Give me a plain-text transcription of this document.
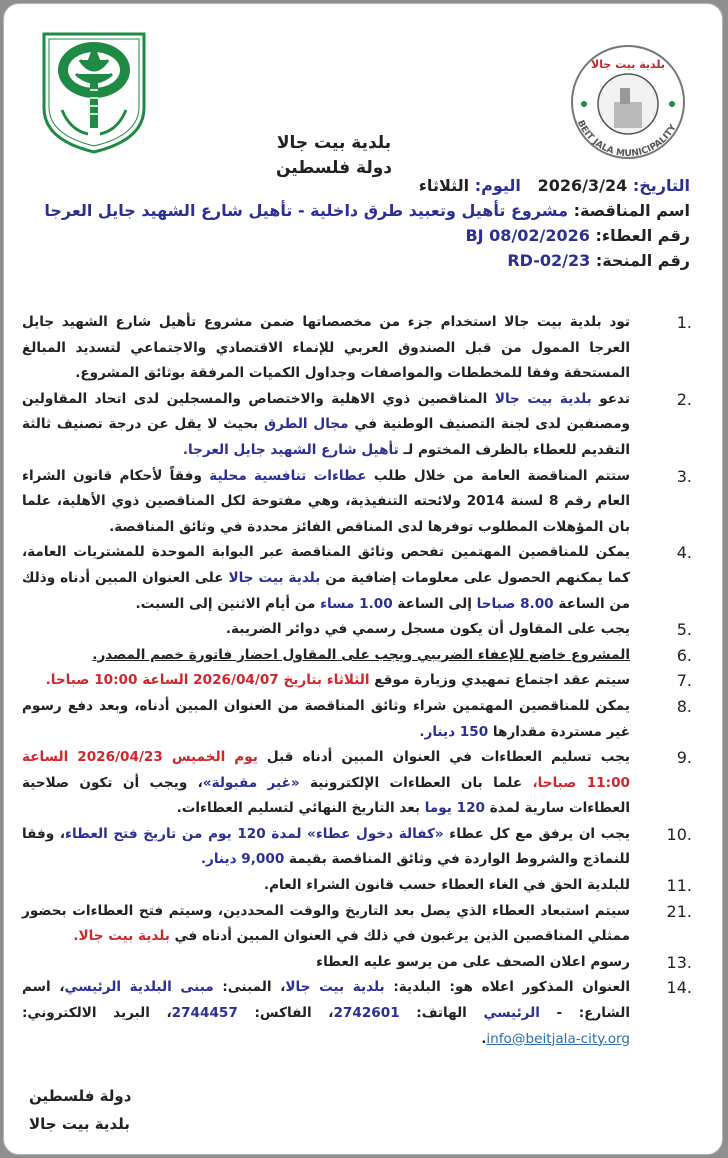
بلدية بيت جالا
BEIT JALA MUNICIPALITY
بلدية بيت جالا
دولة فلسطين
التاريخ: 2026/3/24   اليوم: الثلاثاء
اسم المناقصة: مشروع تأهيل وتعبيد طرق داخلية - تأهيل شارع الشهيد جايل العرجا
رقم العطاء: BJ 08/02/2026
رقم المنحة: 23/RD-02
1.
تود بلدية بيت جالا استخدام جزء من مخصصاتها ضمن مشروع تأهيل شارع الشهيد جايل العرجا الممول من قبل الصندوق العربي للإنماء الاقتصادي والاجتماعي لتسديد المبالغ المستحقة وفقا للمخططات والمواصفات وجداول الكميات المرفقة بوثائق المشروع.
2.
تدعو بلدية بيت جالا المناقصين ذوي الاهلية والاختصاص والمسجلين لدى اتحاد المقاولين ومصنفين لدى لجنة التصنيف الوطنية في مجال الطرق بحيث لا يقل عن درجة تصنيف ثالثة التقديم للعطاء بالظرف المختوم لـ تأهيل شارع الشهيد جايل العرجا.
3.
ستتم المناقصة العامة من خلال طلب عطاءات تنافسية محلية وفقاً لأحكام قانون الشراء العام رقم 8 لسنة 2014 ولائحته التنفيذية، وهي مفتوحة لكل المناقصين ذوي الأهلية، علما بان المؤهلات المطلوب توفرها لدى المناقص الفائز محددة في وثائق المناقصة.
4.
يمكن للمناقصين المهتمين تفحص وثائق المناقصة عبر البوابة الموحدة للمشتريات العامة، كما يمكنهم الحصول على معلومات إضافية من بلدية بيت جالا على العنوان المبين أدناه وذلك من الساعة 8.00 صباحا إلى الساعة 1.00 مساء من أيام الاثنين إلى السبت.
5.
يجب على المقاول أن يكون مسجل رسمي في دوائر الضريبة.
6.
المشروع خاضع للإعفاء الضريبي ويجب على المقاول احضار فاتورة خصم المصدر.
7.
سيتم عقد اجتماع تمهيدي وزيارة موقع الثلاثاء بتاريخ 2026/04/07 الساعة 10:00 صباحا.
8.
يمكن للمناقصين المهتمين شراء وثائق المناقصة من العنوان المبين أدناه، وبعد دفع رسوم غير مستردة مقدارها 150 دينار.
9.
يجب تسليم العطاءات في العنوان المبين أدناه قبل يوم الخميس 2026/04/23 الساعة 11:00 صباحا، علما بان العطاءات الإلكترونية «غير مقبولة»، ويجب أن تكون صلاحية العطاءات سارية لمدة 120 يوما بعد التاريخ النهائي لتسليم العطاءات.
10.
يجب ان يرفق مع كل عطاء «كفالة دخول عطاء» لمدة 120 يوم من تاريخ فتح العطاء، وفقا للنماذج والشروط الواردة في وثائق المناقصة بقيمة 9,000 دينار.
11.
للبلدية الحق في الغاء العطاء حسب قانون الشراء العام.
21.
سيتم استبعاد العطاء الذي يصل بعد التاريخ والوقت المحددين، وسيتم فتح العطاءات بحضور ممثلي المناقصين الذين يرغبون في ذلك في العنوان المبين أدناه في بلدية بيت جالا.
13.
رسوم اعلان الصحف على من يرسو عليه العطاء
14.
العنوان المذكور اعلاه هو: البلدية: بلدية بيت جالا، المبنى: مبنى البلدية الرئيسي، اسم الشارع: - الرئيسي الهاتف: 2742601، الفاكس: 2744457، البريد الالكتروني: info@beitjala-city.org.
دولة فلسطين
بلدية بيت جالا
